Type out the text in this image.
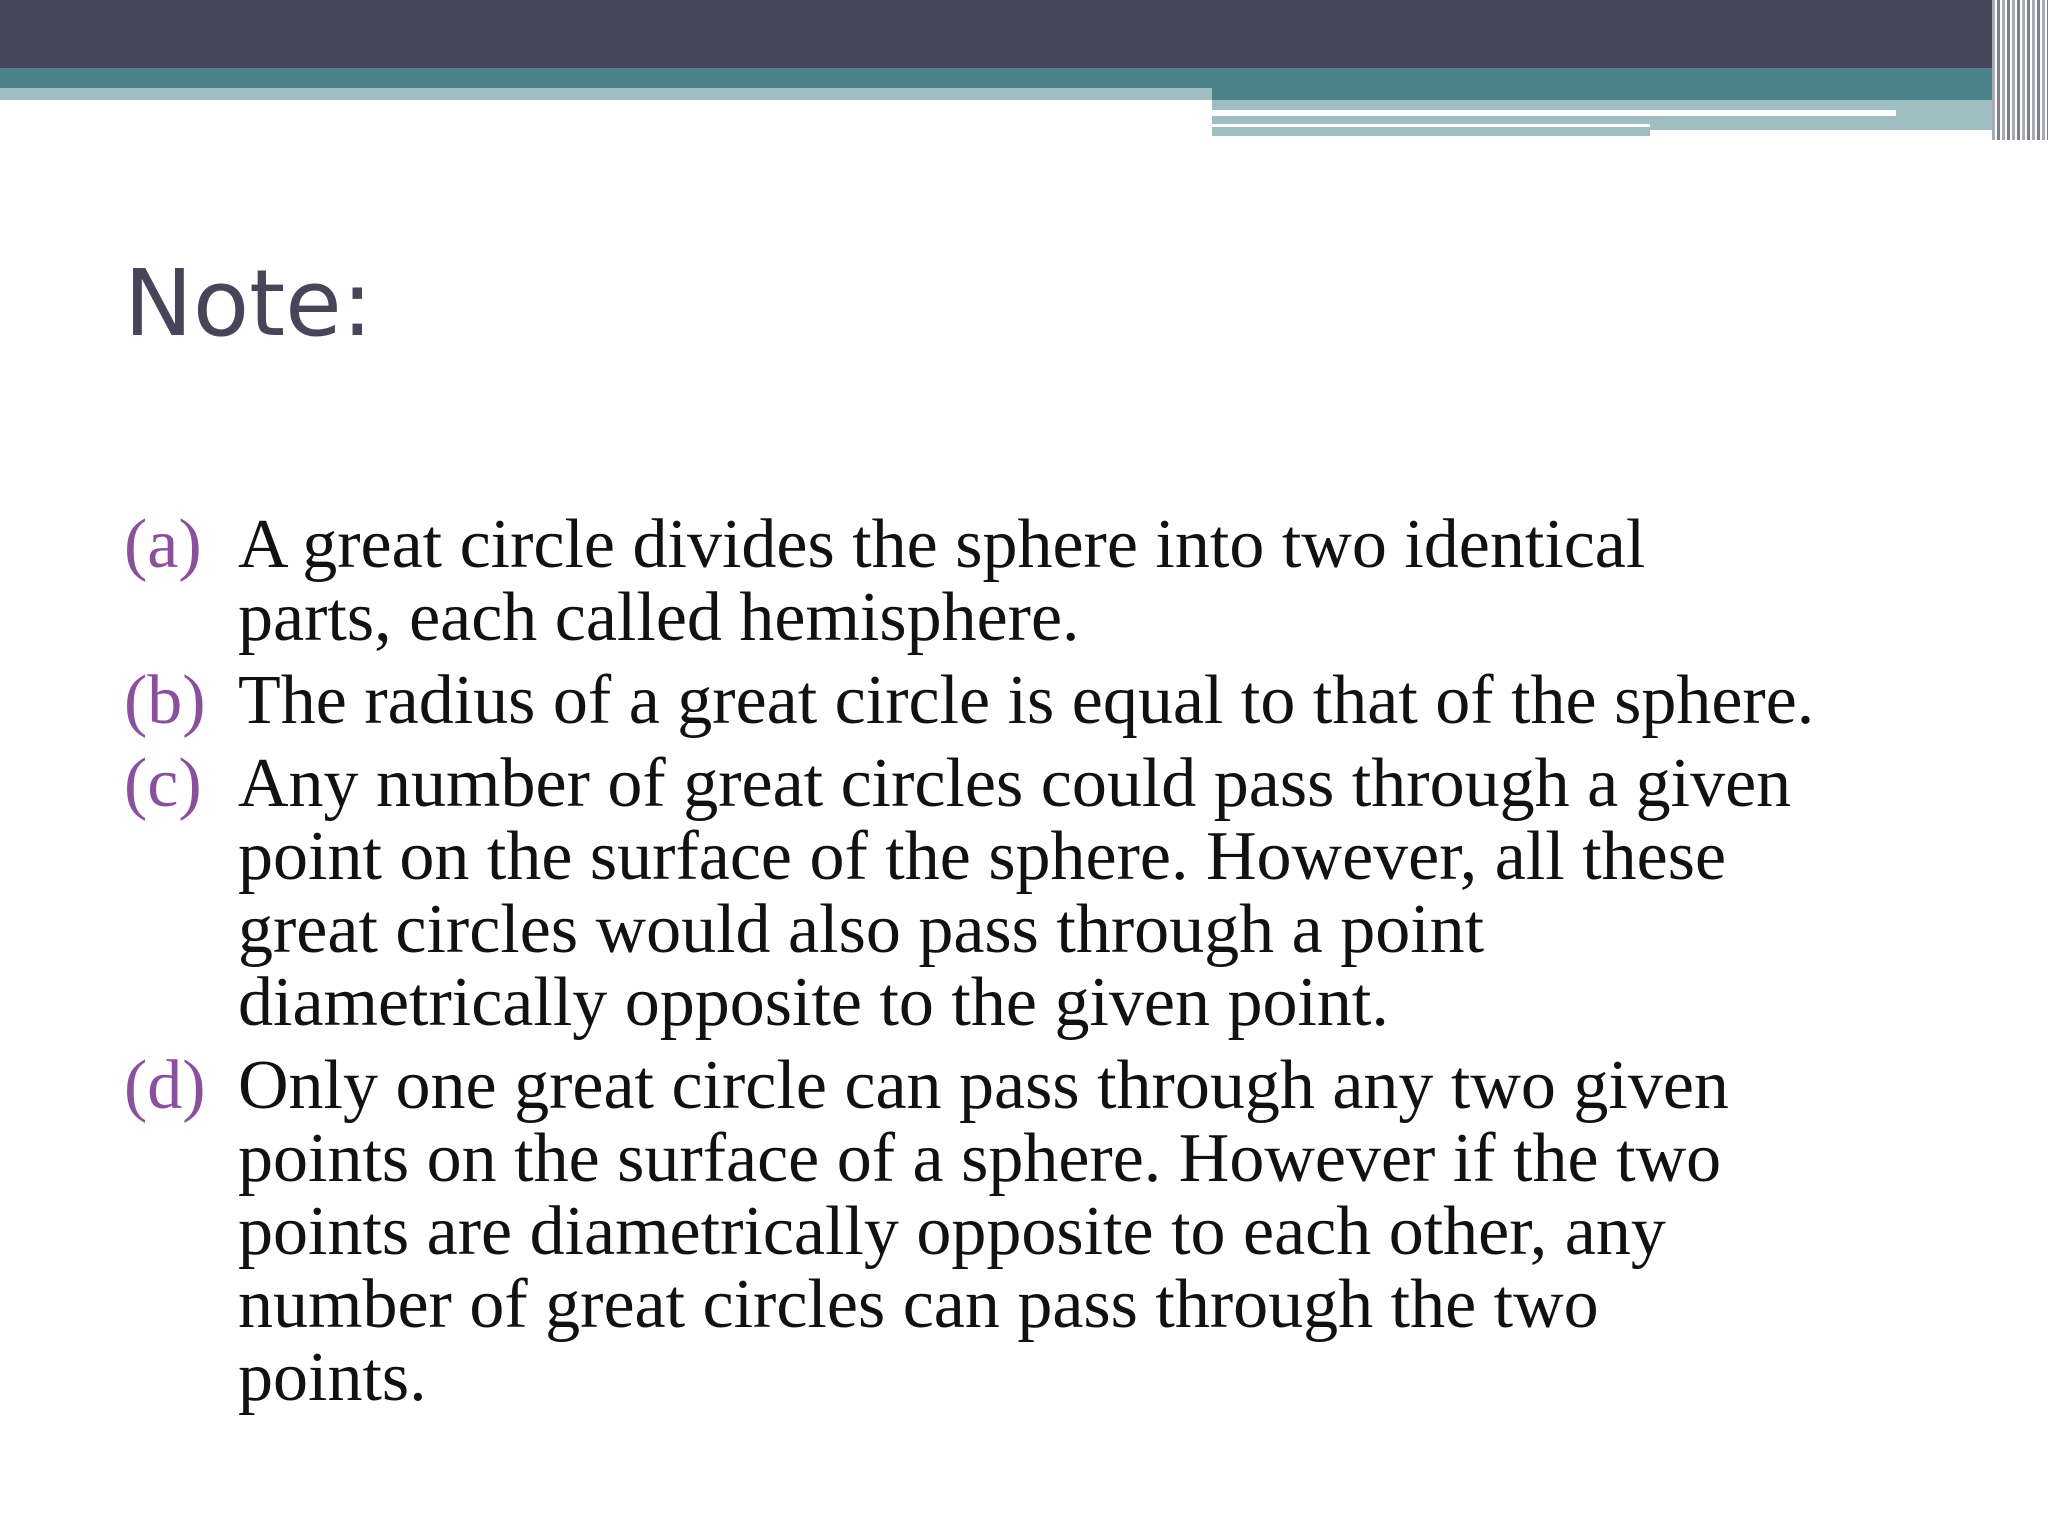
Note:
(a) A great circle divides the sphere into two identical
parts, each called hemisphere.
(b) The radius of a great circle is equal to that of the sphere.
(c) Any number of great circles could pass through a given
point on the surface of the sphere. However, all these
great circles would also pass through a point
diametrically opposite to the given point.
(d) Only one great circle can pass through any two given
points on the surface of a sphere. However if the two
points are diametrically opposite to each other, any
number of great circles can pass through the two
points.
